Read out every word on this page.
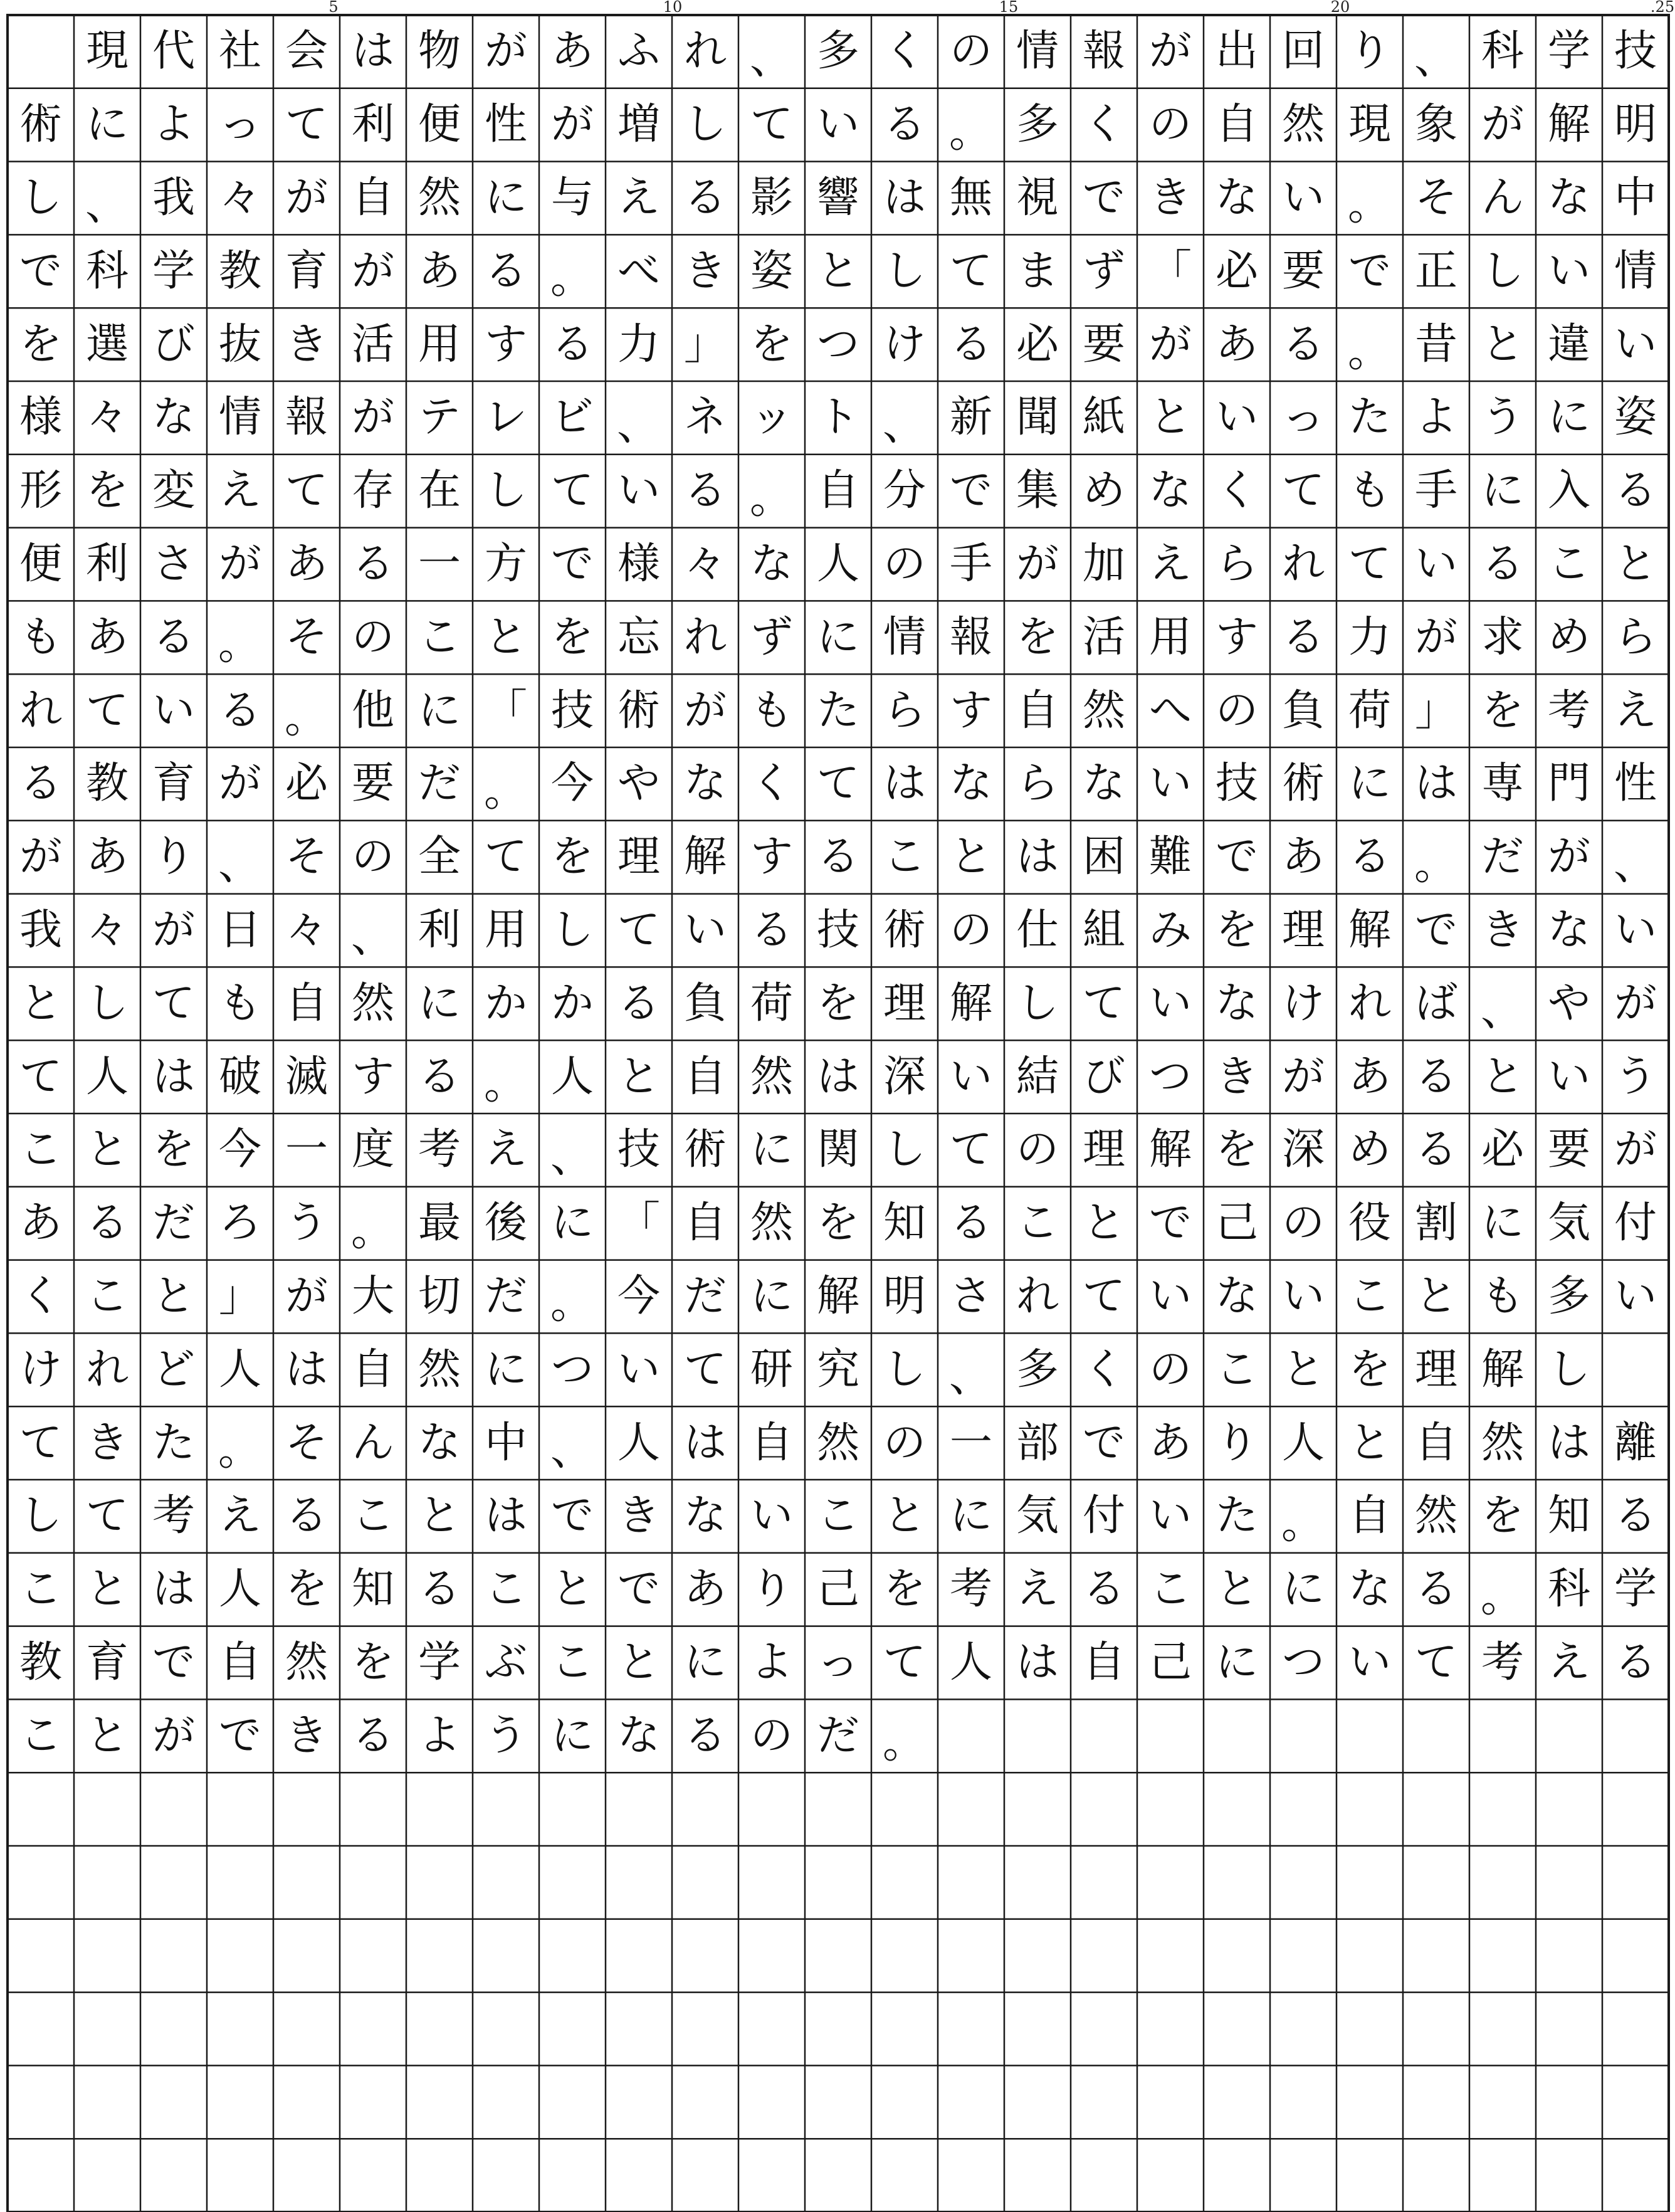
5	10	15	20	.25
現 代 社 会 は 物 が あ ふ れ 、 多 く の 情 報 が 出 回 り 、 科 学 技
術 に よ っ て 利 便 性 が 増 し て い る 。 多 く の 自 然 現 象 が 解 明
し 、 我 々 が 自 然 に 与 え る 影 響 は 無 視 で き な い 。 そ ん な 中
で 科 学 教 育 が あ る 。 べ き 姿 と し て ま ず 「 必 要 で 正 し い 情
を 選 び 抜 き 活 用 す る 力 」 を つ け る 必 要 が あ る 。 昔 と 違 い
様 々 な 情 報 が テ レ ビ 、 ネ ッ ト 、 新 聞 紙 と い っ た よ う に 姿
形 を 変 え て 存 在 し て い る 。 自 分 で 集 め な く て も 手 に 入 る
便 利 さ が あ る 一 方 で 様 々 な 人 の 手 が 加 え ら れ て い る こ と
も あ る 。 そ の こ と を 忘 れ ず に 情 報 を 活 用 す る 力 が 求 め ら
れ て い る 。 他 に 「 技 術 が も た ら す 自 然 へ の 負 荷 」 を 考 え
る 教 育 が 必 要 だ 。 今 や な く て は な ら な い 技 術 に は 専 門 性
が あ り 、 そ の 全 て を 理 解 す る こ と は 困 難 で あ る 。 だ が 、
我 々 が 日 々 、 利 用 し て い る 技 術 の 仕 組 み を 理 解 で き な い
と し て も 自 然 に か か る 負 荷 を 理 解 し て い な け れ ば 、 や が
て 人 は 破 滅 す る 。 人 と 自 然 は 深 い 結 び つ き が あ る と い う
こ と を 今 一 度 考 え 、 技 術 に 関 し て の 理 解 を 深 め る 必 要 が
あ る だ ろ う 。 最 後 に 「 自 然 を 知 る こ と で 己 の 役 割 に 気 付
く こ と 」 が 大 切 だ 。 今 だ に 解 明 さ れ て い な い こ と も 多 い
け れ ど 人 は 自 然 に つ い て 研 究 し 、 多 く の こ と を 理 解 し
て き た 。 そ ん な 中 、 人 は 自 然 の 一 部 で あ り 人 と 自 然 は 離
し て 考 え る こ と は で き な い こ と に 気 付 い た 。 自 然 を 知 る
こ と は 人 を 知 る こ と で あ り 己 を 考 え る こ と に な る 。 科 学
教 育 で 自 然 を 学 ぶ こ と に よ っ て 人 は 自 己 に つ い て 考 え る
こ と が で き る よ う に な る の だ 。
